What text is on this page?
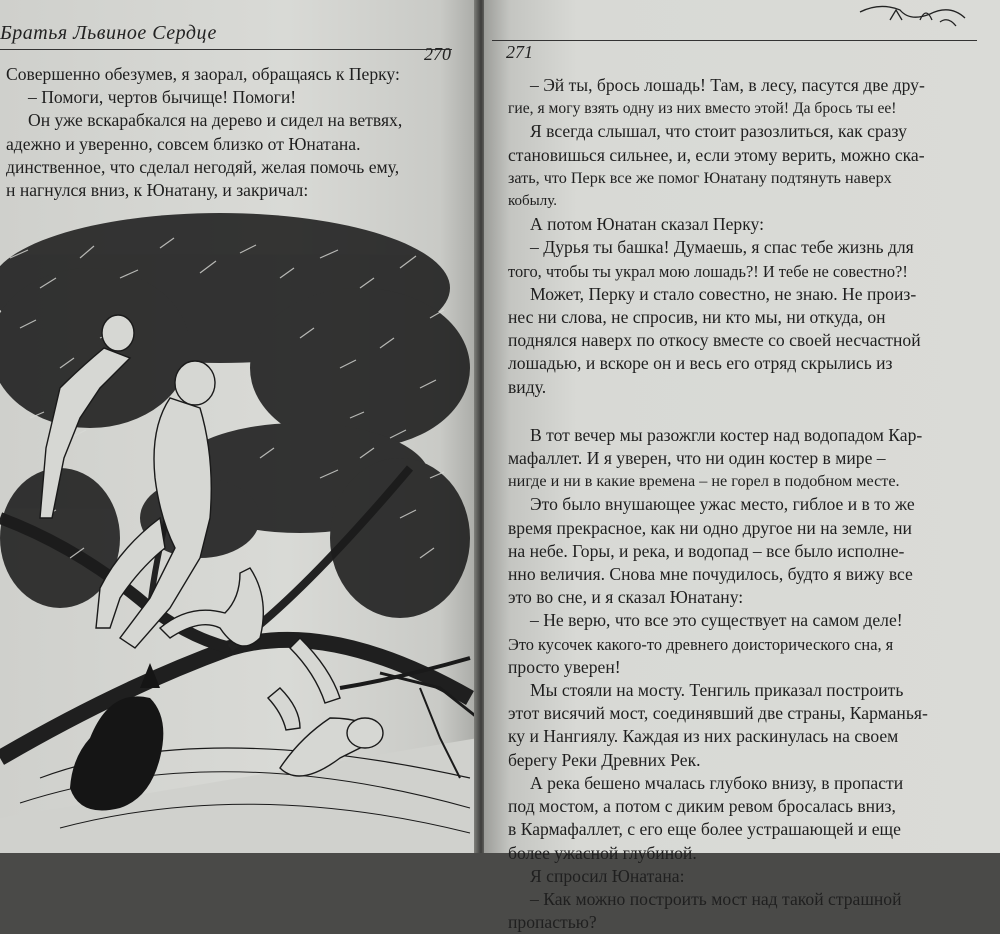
Братья Львиное Сердце
270

Совершенно обезумев, я заорал, обращаясь к Перку:

– Помоги, чертов бычище! Помоги!

Он уже вскарабкался на дерево и сидел на ветвях,

адежно и уверенно, совсем близко от Юнатана.

динственное, что сделал негодяй, желая помочь ему,

н нагнулся вниз, к Юнатану, и закричал:

271

– Эй ты, брось лошадь! Там, в лесу, пасутся две дру-

гие, я могу взять одну из них вместо этой! Да брось ты ее!

Я всегда слышал, что стоит разозлиться, как сразу

становишься сильнее, и, если этому верить, можно ска-

зать, что Перк все же помог Юнатану подтянуть наверх

кобылу.

А потом Юнатан сказал Перку:

– Дурья ты башка! Думаешь, я спас тебе жизнь для

того, чтобы ты украл мою лошадь?! И тебе не совестно?!

Может, Перку и стало совестно, не знаю. Не произ-

нес ни слова, не спросив, ни кто мы, ни откуда, он

поднялся наверх по откосу вместе со своей несчастной

лошадью, и вскоре он и весь его отряд скрылись из

виду.

В тот вечер мы разожгли костер над водопадом Кар-

мафаллет. И я уверен, что ни один костер в мире –

нигде и ни в какие времена – не горел в подобном месте.

Это было внушающее ужас место, гиблое и в то же

время прекрасное, как ни одно другое ни на земле, ни

на небе. Горы, и река, и водопад – все было исполне-

нно величия. Снова мне почудилось, будто я вижу все

это во сне, и я сказал Юнатану:

– Не верю, что все это существует на самом деле!

Это кусочек какого-то древнего доисторического сна, я

просто уверен!

Мы стояли на мосту. Тенгиль приказал построить

этот висячий мост, соединявший две страны, Карманья-

ку и Нангиялу. Каждая из них раскинулась на своем

берегу Реки Древних Рек.

А река бешено мчалась глубоко внизу, в пропасти

под мостом, а потом с диким ревом бросалась вниз,

в Кармафаллет, с его еще более устрашающей и еще

более ужасной глубиной.

Я спросил Юнатана:

– Как можно построить мост над такой страшной

пропастью?
